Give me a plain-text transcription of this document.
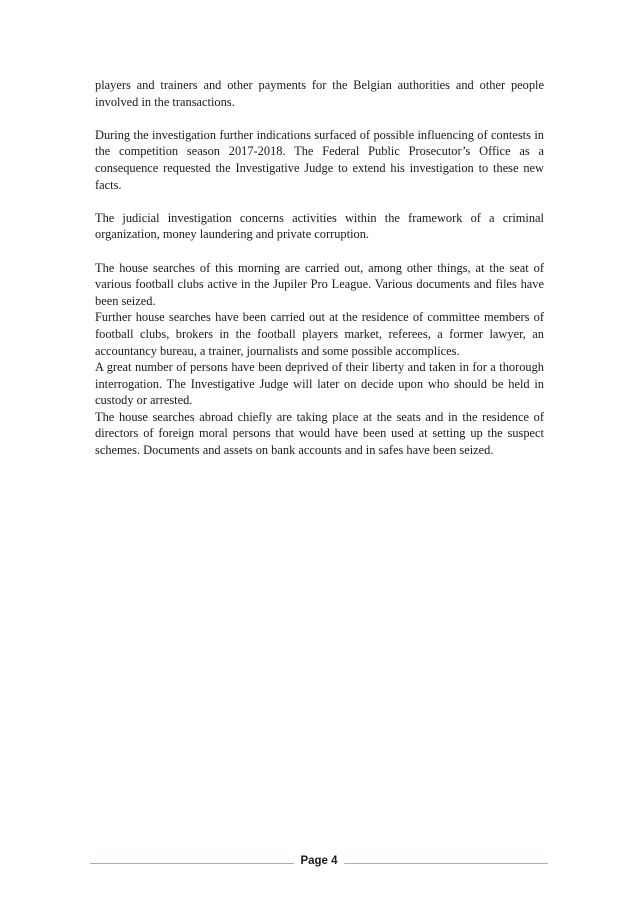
players and trainers and other payments for the Belgian authorities and other people involved in the transactions.

During the investigation further indications surfaced of possible influencing of contests in the competition season 2017-2018. The Federal Public Prosecutor’s Office as a consequence requested the Investigative Judge to extend his investigation to these new facts.

The judicial investigation concerns activities within the framework of a criminal organization, money laundering and private corruption.

The house searches of this morning are carried out, among other things, at the seat of various football clubs active in the Jupiler Pro League. Various documents and files have been seized.

Further house searches have been carried out at the residence of committee members of football clubs, brokers in the football players market, referees, a former lawyer, an accountancy bureau, a trainer, journalists and some possible accomplices.

A great number of persons have been deprived of their liberty and taken in for a thorough interrogation. The Investigative Judge will later on decide upon who should be held in custody or arrested.

The house searches abroad chiefly are taking place at the seats and in the residence of directors of foreign moral persons that would have been used at setting up the suspect schemes. Documents and assets on bank accounts and in safes have been seized.

Page 4
